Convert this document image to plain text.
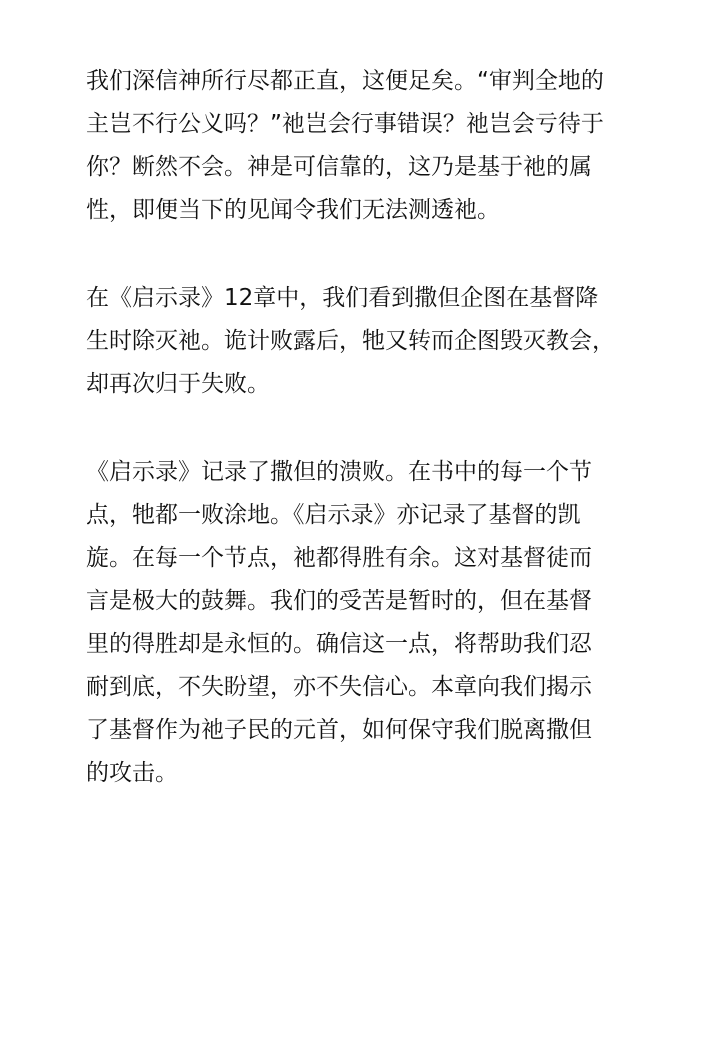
我们深信神所行尽都正直，这便足矣。“审判全地的
主岂不行公义吗？”祂岂会行事错误？祂岂会亏待于
你？断然不会。神是可信靠的，这乃是基于祂的属
性，即便当下的见闻令我们无法测透祂。
在《启示录》12章中，我们看到撒但企图在基督降
生时除灭祂。诡计败露后，牠又转而企图毁灭教会，
却再次归于失败。
《启示录》记录了撒但的溃败。在书中的每一个节
点，牠都一败涂地。《启示录》亦记录了基督的凯
旋。在每一个节点，祂都得胜有余。这对基督徒而
言是极大的鼓舞。我们的受苦是暂时的，但在基督
里的得胜却是永恒的。确信这一点，将帮助我们忍
耐到底，不失盼望，亦不失信心。本章向我们揭示
了基督作为祂子民的元首，如何保守我们脱离撒但
的攻击。
